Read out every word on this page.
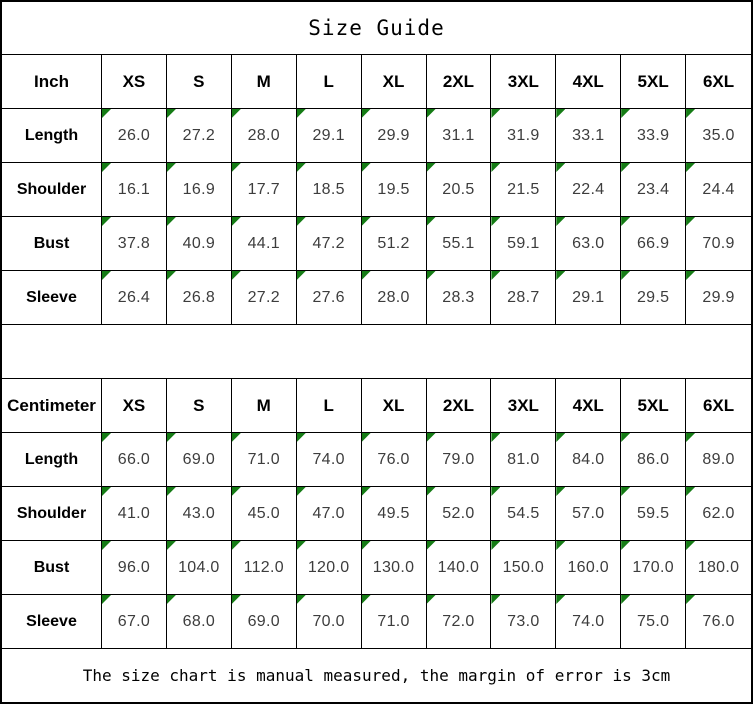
Size Guide
Inch	XS	S	M	L	XL	2XL	3XL	4XL	5XL	6XL
Length	26.0 27.2 28.0 29.1 29.9 31.1 31.9 33.1 33.9 35.0
Shoulder	16.1 16.9 17.7 18.5 19.5 20.5 21.5 22.4 23.4 24.4
Bust	37.8 40.9 44.1 47.2 51.2 55.1 59.1 63.0 66.9 70.9
Sleeve	26.4 26.8 27.2 27.6 28.0 28.3 28.7 29.1 29.5 29.9
Centimeter	XS	S	M	L	XL	2XL	3XL	4XL	5XL	6XL
Length	66.0 69.0 71.0 74.0 76.0 79.0 81.0 84.0 86.0 89.0
Shoulder	41.0 43.0 45.0 47.0 49.5 52.0 54.5 57.0 59.5 62.0
Bust	96.0 104.0 112.0 120.0 130.0 140.0 150.0 160.0 170.0 180.0
Sleeve	67.0 68.0 69.0 70.0 71.0 72.0 73.0 74.0 75.0 76.0
The size chart is manual measured, the margin of error is 3cm
